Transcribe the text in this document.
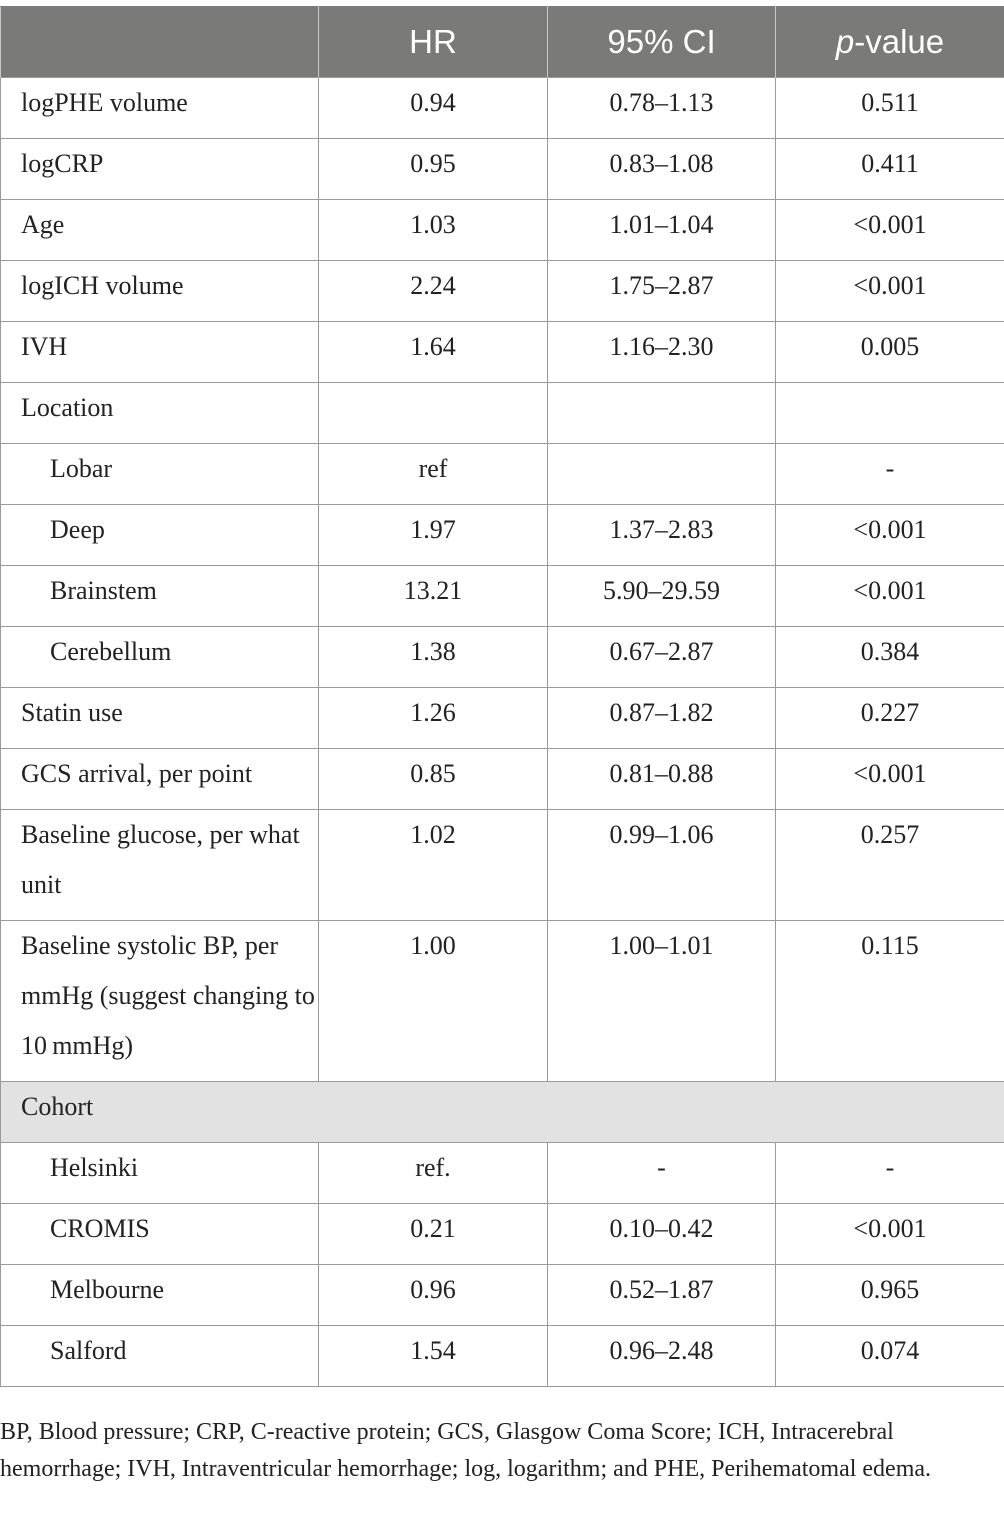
	HR	95% CI	p-value
logPHE volume	0.94	0.78–1.13	0.511
logCRP	0.95	0.83–1.08	0.411
Age	1.03	1.01–1.04	<0.001
logICH volume	2.24	1.75–2.87	<0.001
IVH	1.64	1.16–2.30	0.005
Location			
Lobar	ref		-
Deep	1.97	1.37–2.83	<0.001
Brainstem	13.21	5.90–29.59	<0.001
Cerebellum	1.38	0.67–2.87	0.384
Statin use	1.26	0.87–1.82	0.227
GCS arrival, per point	0.85	0.81–0.88	<0.001
Baseline glucose, per what unit	1.02	0.99–1.06	0.257
Baseline systolic BP, per mmHg (suggest changing to 10 mmHg)	1.00	1.00–1.01	0.115
Cohort			
Helsinki	ref.	-	-
CROMIS	0.21	0.10–0.42	<0.001
Melbourne	0.96	0.52–1.87	0.965
Salford	1.54	0.96–2.48	0.074
BP, Blood pressure; CRP, C-reactive protein; GCS, Glasgow Coma Score; ICH, Intracerebral hemorrhage; IVH, Intraventricular hemorrhage; log, logarithm; and PHE, Perihematomal edema.
